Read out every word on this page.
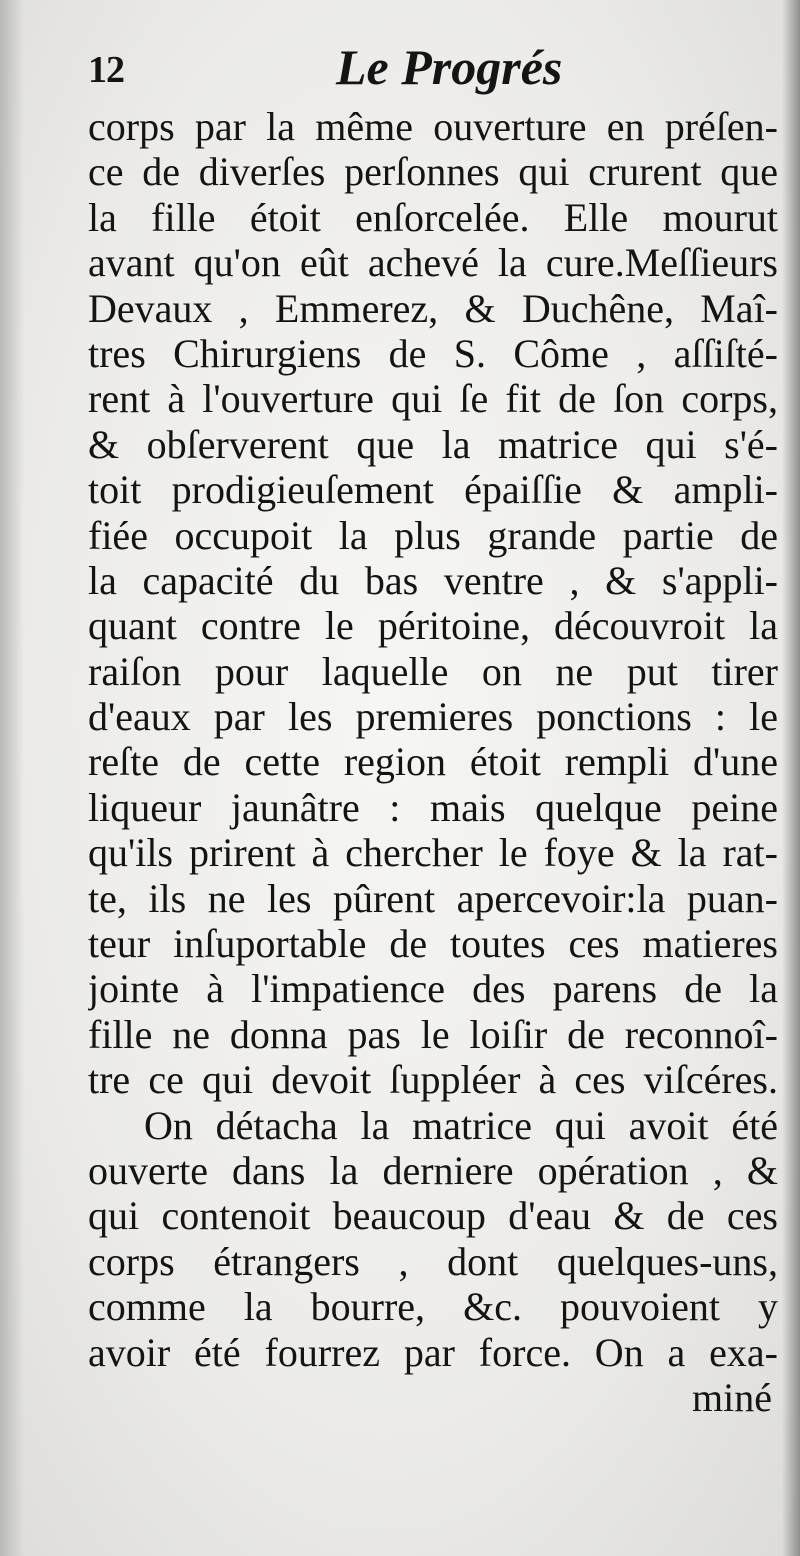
12	Le Progrés
corps par la même ouverture en préſen-
ce de diverſes perſonnes qui crurent que
la fille étoit enſorcelée. Elle mourut
avant qu'on eût achevé la cure.Meſſieurs
Devaux , Emmerez, & Duchêne, Maî-
tres Chirurgiens de S. Côme , aſſiſté-
rent à l'ouverture qui ſe fit de ſon corps,
& obſerverent que la matrice qui s'é-
toit prodigieuſement épaiſſie & ampli-
fiée occupoit la plus grande partie de
la capacité du bas ventre , & s'appli-
quant contre le péritoine, découvroit la
raiſon pour laquelle on ne put tirer
d'eaux par les premieres ponctions : le
reſte de cette region étoit rempli d'une
liqueur jaunâtre : mais quelque peine
qu'ils prirent à chercher le foye & la rat-
te, ils ne les pûrent apercevoir:la puan-
teur inſuportable de toutes ces matieres
jointe à l'impatience des parens de la
fille ne donna pas le loiſir de reconnoî-
tre ce qui devoit ſuppléer à ces viſcéres.
On détacha la matrice qui avoit été
ouverte dans la derniere opération , &
qui contenoit beaucoup d'eau & de ces
corps étrangers , dont quelques-uns,
comme la bourre, &c. pouvoient y
avoir été fourrez par force. On a exa-
miné
